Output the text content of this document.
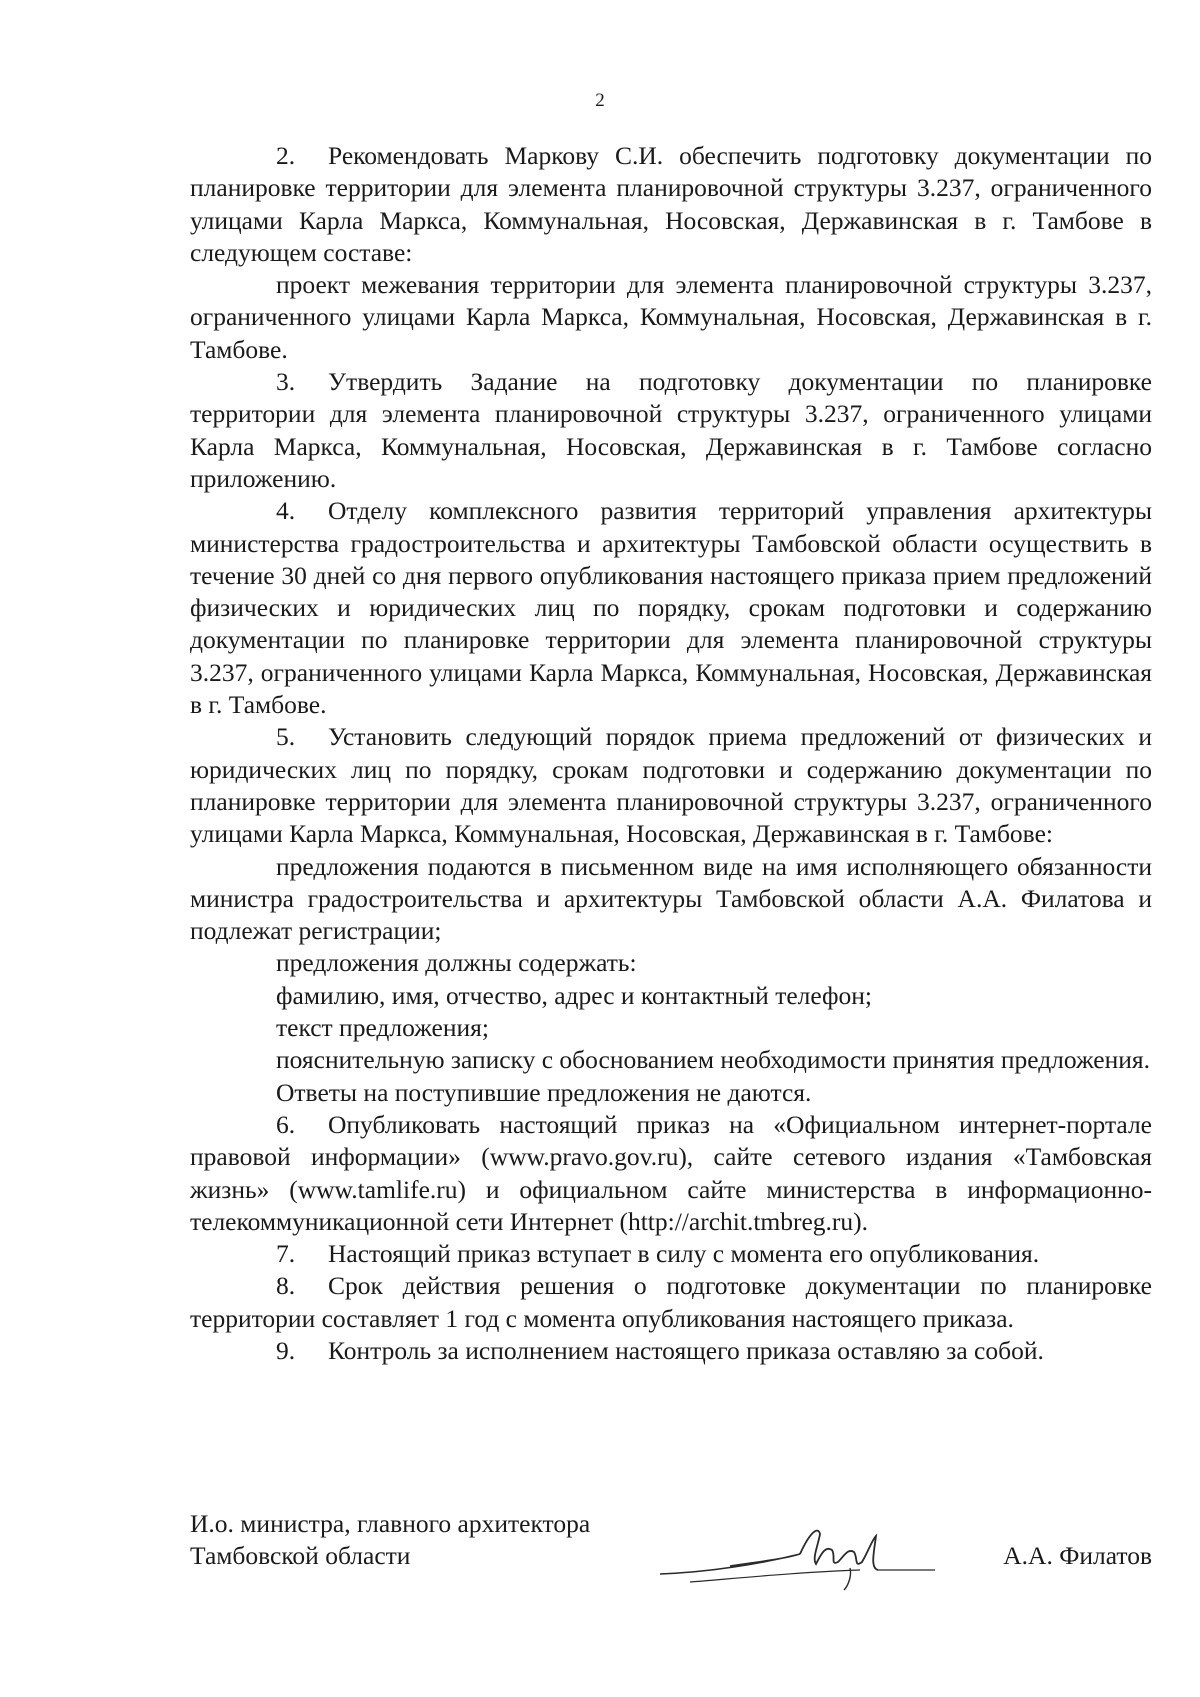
2

2. Рекомендовать Маркову С.И. обеспечить подготовку документации по планировке территории для элемента планировочной структуры 3.237, ограниченного улицами Карла Маркса, Коммунальная, Носовская, Державинская в г. Тамбове в следующем составе:

проект межевания территории для элемента планировочной структуры 3.237, ограниченного улицами Карла Маркса, Коммунальная, Носовская, Державинская в г. Тамбове.

3. Утвердить Задание на подготовку документации по планировке территории для элемента планировочной структуры 3.237, ограниченного улицами Карла Маркса, Коммунальная, Носовская, Державинская в г. Тамбове согласно приложению.

4. Отделу комплексного развития территорий управления архитектуры министерства градостроительства и архитектуры Тамбовской области осуществить в течение 30 дней со дня первого опубликования настоящего приказа прием предложений физических и юридических лиц по порядку, срокам подготовки и содержанию документации по планировке территории для элемента планировочной структуры 3.237, ограниченного улицами Карла Маркса, Коммунальная, Носовская, Державинская в г. Тамбове.

5. Установить следующий порядок приема предложений от физических и юридических лиц по порядку, срокам подготовки и содержанию документации по планировке территории для элемента планировочной структуры 3.237, ограниченного улицами Карла Маркса, Коммунальная, Носовская, Державинская в г. Тамбове:

предложения подаются в письменном виде на имя исполняющего обязанности министра градостроительства и архитектуры Тамбовской области А.А. Филатова и подлежат регистрации;

предложения должны содержать:

фамилию, имя, отчество, адрес и контактный телефон;

текст предложения;

пояснительную записку с обоснованием необходимости принятия предложения.

Ответы на поступившие предложения не даются.

6. Опубликовать настоящий приказ на «Официальном интернет-портале правовой информации» (www.pravo.gov.ru), сайте сетевого издания «Тамбовская жизнь» (www.tamlife.ru) и официальном сайте министерства в информационно-телекоммуникационной сети Интернет (http://archit.tmbreg.ru).

7. Настоящий приказ вступает в силу с момента его опубликования.

8. Срок действия решения о подготовке документации по планировке территории составляет 1 год с момента опубликования настоящего приказа.

9. Контроль за исполнением настоящего приказа оставляю за собой.

И.о. министра, главного архитектора
Тамбовской области	А.А. Филатов
